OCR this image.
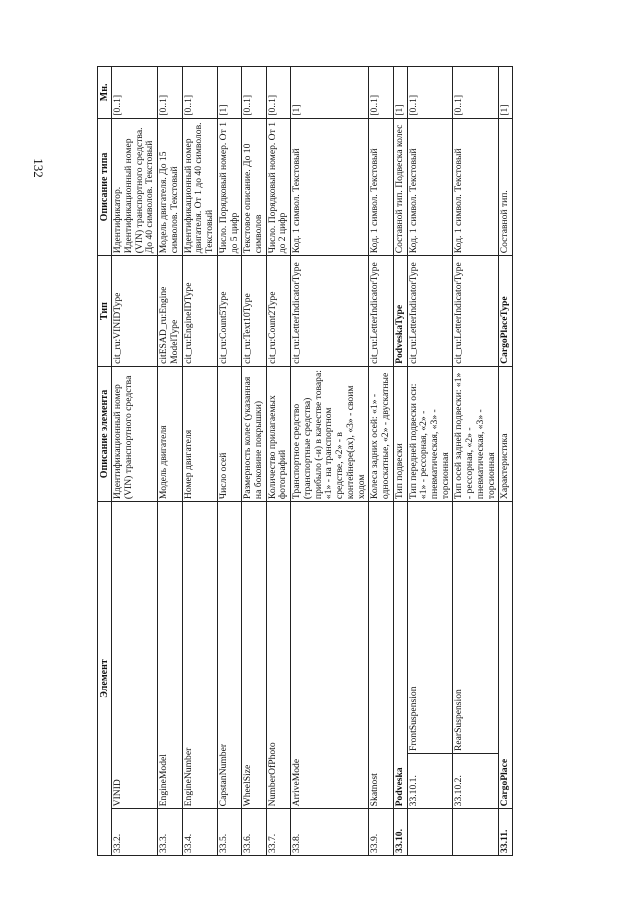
132
Элемент			Описание элемента	Тип	Описание типа	Мн.
33.2.	VINID		Идентификационный номер (VIN) транспортного средства	cit_ru:VINIDType	Идентификатор. Идентификационный номер (VIN) транспортного средства. До 40 символов. Текстовый	[0..1]
33.3.	EngineModel		Модель двигателя	citESAD_ru:Engine ModelType	Модель двигателя. До 15 символов. Текстовый	[0..1]
33.4.	EngineNumber		Номер двигателя	cit_ru:EngineIDType	Идентификационный номер двигателя. От 1 до 40 символов. Текстовый	[0..1]
33.5.	CapstanNumber		Число осей	cit_ru:Count5Type	Число. Порядковый номер. От 1 до 5 цифр	[1]
33.6.	WheelSize		Размерность колес (указанная на боковине покрышки)	cit_ru:Text10Type	Текстовое описание. До 10 символов	[0..1]
33.7.	NumberOfPhoto		Количество прилагаемых фотографий	cit_ru:Count2Type	Число. Порядковый номер. От 1 до 2 цифр	[0..1]
33.8.	ArriveMode		Транспортное средство (транспортные средства) прибыло (-и) в качестве товара: «1» - на транспортном средстве, «2» - в контейнере(ах), «3» - своим ходом	cit_ru:LetterIndicatorType	Код. 1 символ. Текстовый	[1]
33.9.	Skatnost		Колеса задних осей: «1» - односкатные, «2» - двускатные	cit_ru:LetterIndicatorType	Код. 1 символ. Текстовый	[0..1]
33.10.	Podveska		Тип подвески	PodveskaType	Составной тип. Подвеска колес	[1]
	33.10.1.	FrontSuspension	Тип передней подвески оси: «1» - рессорная, «2» - пневматическая, «3» - торсионная	cit_ru:LetterIndicatorType	Код. 1 символ. Текстовый	[0..1]
	33.10.2.	RearSuspension	Тип осей задней подвески: «1» - рессорная, «2» - пневматическая, «3» - торсионная	cit_ru:LetterIndicatorType	Код. 1 символ. Текстовый	[0..1]
33.11.	CargoPlace		Характеристика	CargoPlaceType	Составной тип.	[1]
